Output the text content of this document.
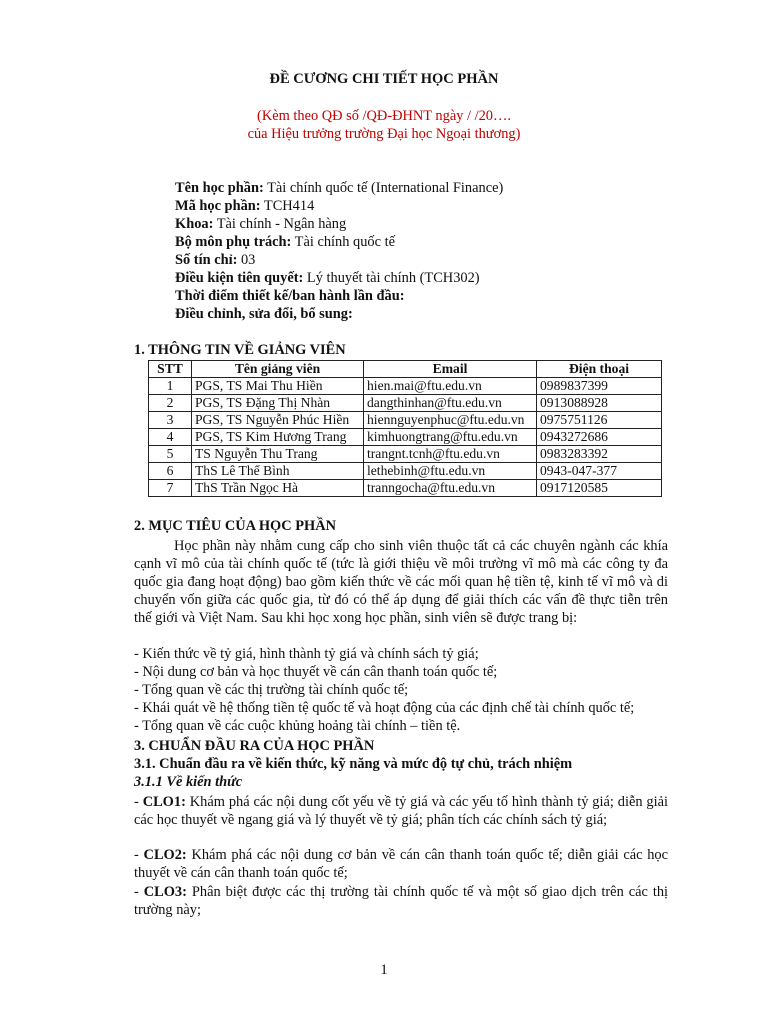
ĐỀ CƯƠNG CHI TIẾT HỌC PHẦN
(Kèm theo QĐ số /QĐ-ĐHNT ngày / /20….
của Hiệu trưởng trường Đại học Ngoại thương)
Tên học phần: Tài chính quốc tế (International Finance)
Mã học phần: TCH414
Khoa: Tài chính - Ngân hàng
Bộ môn phụ trách: Tài chính quốc tế
Số tín chỉ: 03
Điều kiện tiên quyết: Lý thuyết tài chính (TCH302)
Thời điểm thiết kế/ban hành lần đầu:
Điều chỉnh, sửa đổi, bổ sung:
1. THÔNG TIN VỀ GIẢNG VIÊN
STT	Tên giảng viên	Email	Điện thoại
1	PGS, TS Mai Thu Hiền	hien.mai@ftu.edu.vn	0989837399
2	PGS, TS Đặng Thị Nhàn	dangthinhan@ftu.edu.vn	0913088928
3	PGS, TS Nguyễn Phúc Hiền	hiennguyenphuc@ftu.edu.vn	0975751126
4	PGS, TS Kim Hương Trang	kimhuongtrang@ftu.edu.vn	0943272686
5	TS Nguyễn Thu Trang	trangnt.tcnh@ftu.edu.vn	0983283392
6	ThS Lê Thế Bình	lethebinh@ftu.edu.vn	0943-047-377
7	ThS Trần Ngọc Hà	tranngocha@ftu.edu.vn	0917120585
2. MỤC TIÊU CỦA HỌC PHẦN
Học phần này nhằm cung cấp cho sinh viên thuộc tất cả các chuyên ngành các khía cạnh vĩ mô của tài chính quốc tế (tức là giới thiệu về môi trường vĩ mô mà các công ty đa quốc gia đang hoạt động) bao gồm kiến thức về các mối quan hệ tiền tệ, kinh tế vĩ mô và di chuyển vốn giữa các quốc gia, từ đó có thể áp dụng để giải thích các vấn đề thực tiễn trên thế giới và Việt Nam. Sau khi học xong học phần, sinh viên sẽ được trang bị:
- Kiến thức về tỷ giá, hình thành tỷ giá và chính sách tỷ giá;
- Nội dung cơ bản và học thuyết về cán cân thanh toán quốc tế;
- Tổng quan về các thị trường tài chính quốc tế;
- Khái quát về hệ thống tiền tệ quốc tế và hoạt động của các định chế tài chính quốc tế;
- Tổng quan về các cuộc khủng hoảng tài chính – tiền tệ.
3. CHUẨN ĐẦU RA CỦA HỌC PHẦN
3.1. Chuẩn đầu ra về kiến thức, kỹ năng và mức độ tự chủ, trách nhiệm
3.1.1 Về kiến thức
- CLO1: Khám phá các nội dung cốt yếu về tỷ giá và các yếu tố hình thành tỷ giá; diễn giải các học thuyết về ngang giá và lý thuyết về tỷ giá; phân tích các chính sách tỷ giá;
- CLO2: Khám phá các nội dung cơ bản về cán cân thanh toán quốc tế; diễn giải các học thuyết về cán cân thanh toán quốc tế;
- CLO3: Phân biệt được các thị trường tài chính quốc tế và một số giao dịch trên các thị trường này;
1
